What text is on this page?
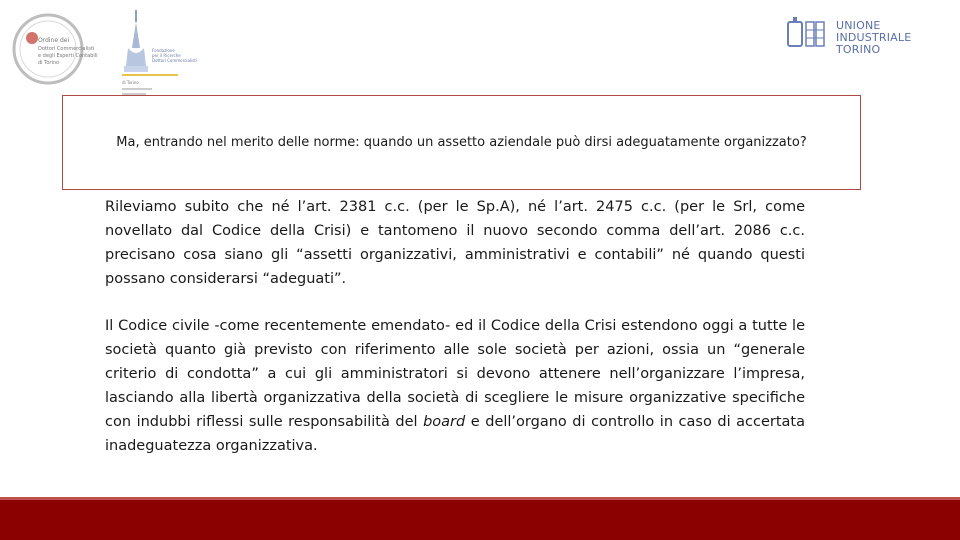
Ordine dei
Dottori Commercialisti
e degli Esperti Contabili
di Torino
Fondazione
per il Ricerche
Dottori Commercialisti
di Torino
UNIONE INDUSTRIALE
TORINO
Ma, entrando nel merito delle norme: quando un assetto aziendale può dirsi adeguatamente organizzato?
Rileviamo subito che né l’art. 2381 c.c. (per le Sp.A), né l’art. 2475 c.c. (per le Srl, come novellato dal Codice della Crisi) e tantomeno il nuovo secondo comma dell’art. 2086 c.c. precisano cosa siano gli “assetti organizzativi, amministrativi e contabili” né quando questi possano considerarsi “adeguati”.
Il Codice civile -come recentemente emendato- ed il Codice della Crisi estendono oggi a tutte le società quanto già previsto con riferimento alle sole società per azioni, ossia un “generale criterio di condotta” a cui gli amministratori si devono attenere nell’organizzare l’impresa, lasciando alla libertà organizzativa della società di scegliere le misure organizzative specifiche con indubbi riflessi sulle responsabilità del board e dell’organo di controllo in caso di accertata inadeguatezza organizzativa.
